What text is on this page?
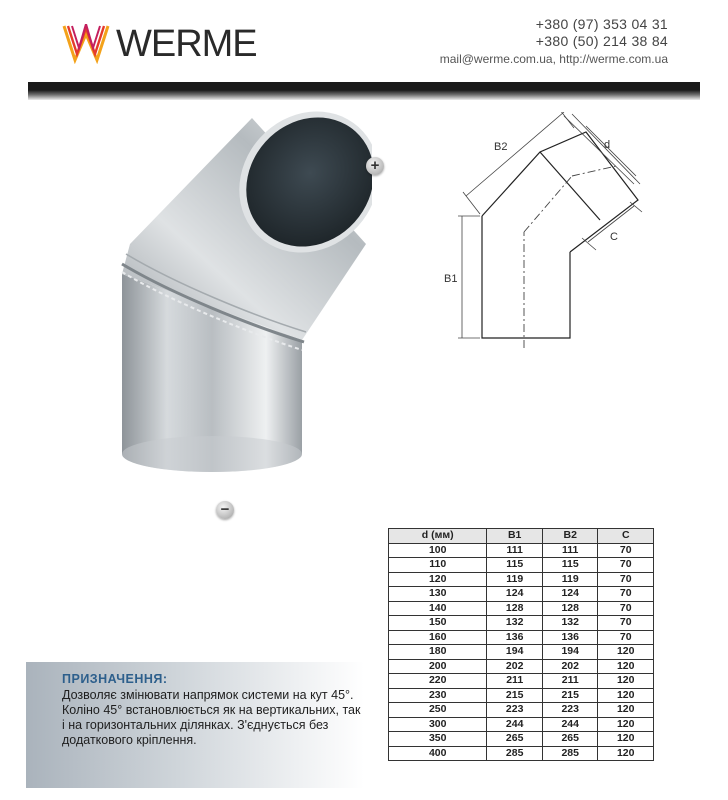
WERME	+380 (97) 353 04 31
+380 (50) 214 38 84
mail@werme.com.ua, http://werme.com.ua
+
−
B2	d
B1
C
d (мм)	B1	B2	C
100	111	111	70
110	115	115	70
120	119	119	70
130	124	124	70
140	128	128	70
150	132	132	70
160	136	136	70
180	194	194	120
200	202	202	120
220	211	211	120
230	215	215	120
250	223	223	120
300	244	244	120
350	265	265	120
400	285	285	120
ПРИЗНАЧЕННЯ:
Дозволяє змінювати напрямок системи на кут 45°. Коліно 45° встановлюється як на вертикальних, так і на горизонтальних ділянках. З'єднується без додаткового кріплення.
